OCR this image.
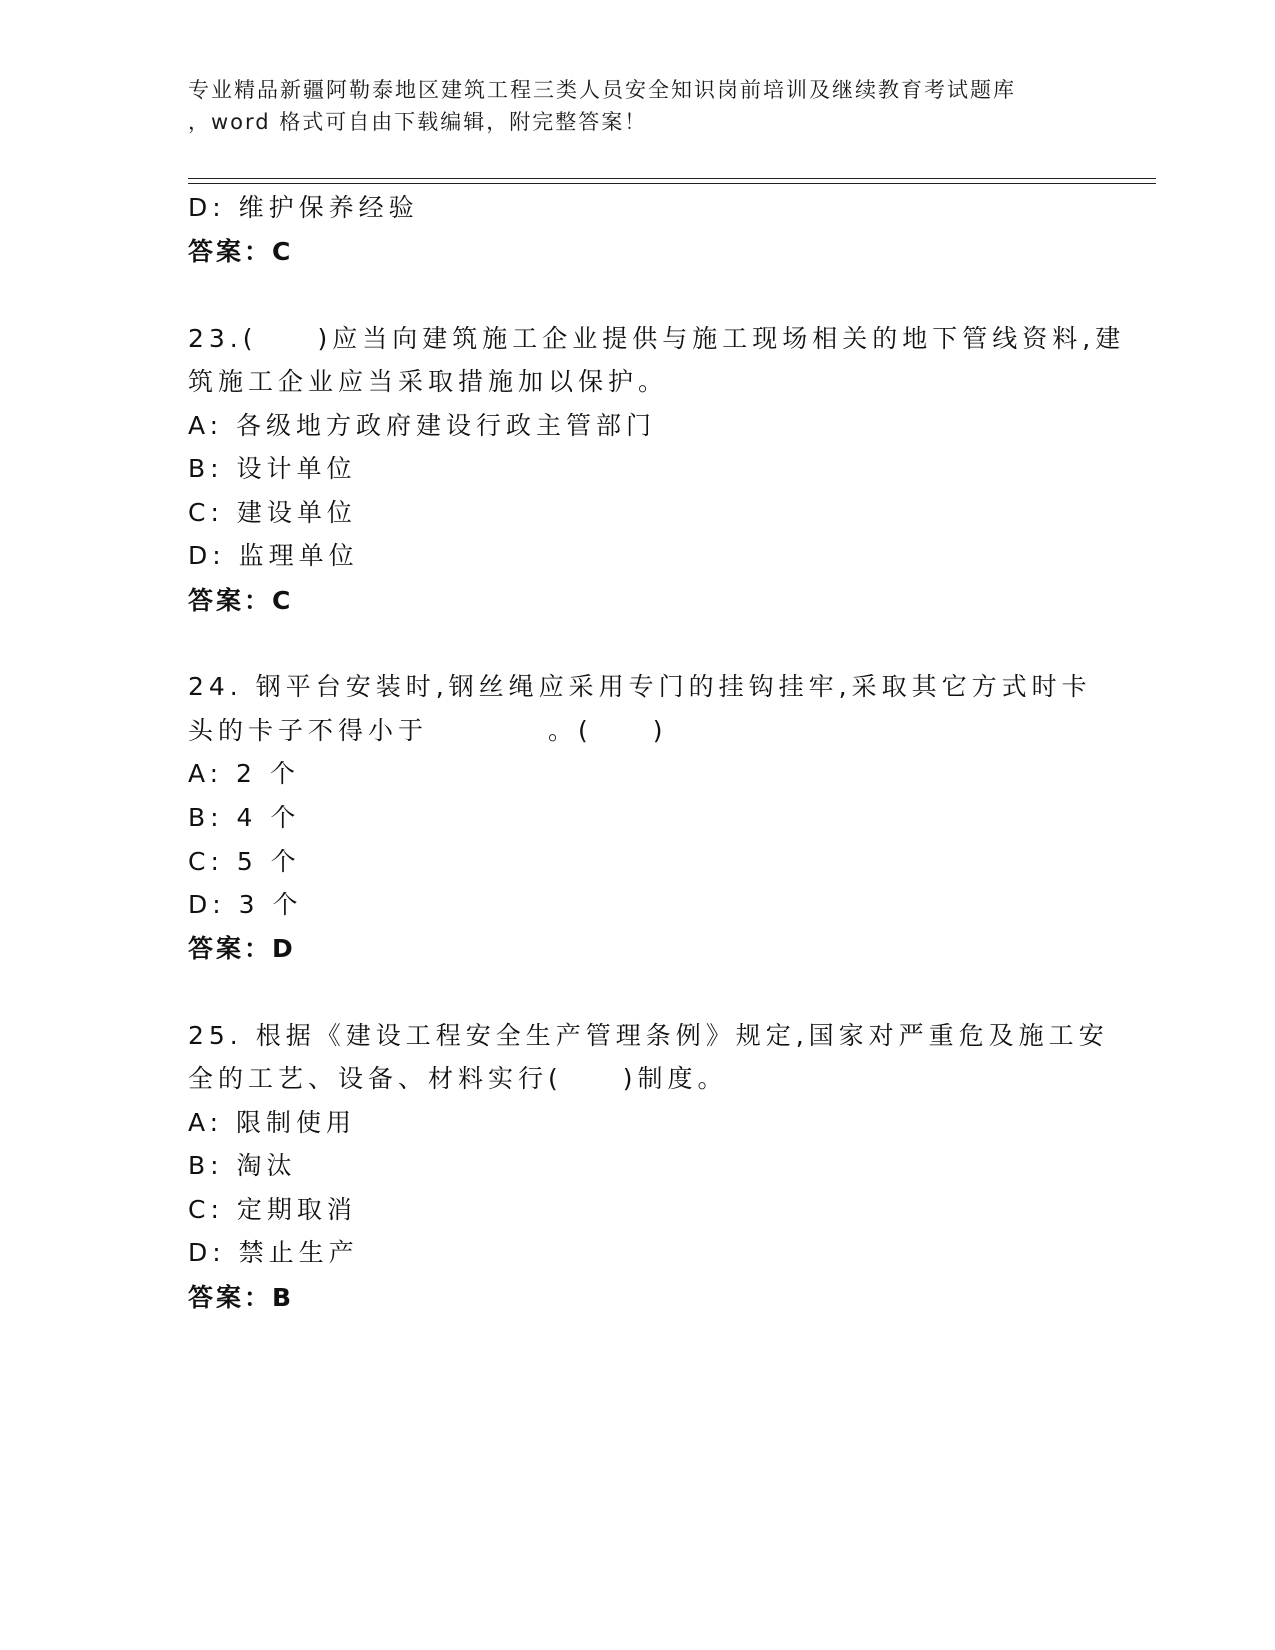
专业精品新疆阿勒泰地区建筑工程三类人员安全知识岗前培训及继续教育考试题库
，word 格式可自由下载编辑，附完整答案！
D: 维护保养经验
答案：C
23.(　　)应当向建筑施工企业提供与施工现场相关的地下管线资料,建
筑施工企业应当采取措施加以保护。
A: 各级地方政府建设行政主管部门
B: 设计单位
C: 建设单位
D: 监理单位
答案：C
24. 钢平台安装时,钢丝绳应采用专门的挂钩挂牢,采取其它方式时卡
头的卡子不得小于　　　　。(　　)
A: 2 个
B: 4 个
C: 5 个
D: 3 个
答案：D
25. 根据《建设工程安全生产管理条例》规定,国家对严重危及施工安
全的工艺、设备、材料实行(　　)制度。
A: 限制使用
B: 淘汰
C: 定期取消
D: 禁止生产
答案：B
